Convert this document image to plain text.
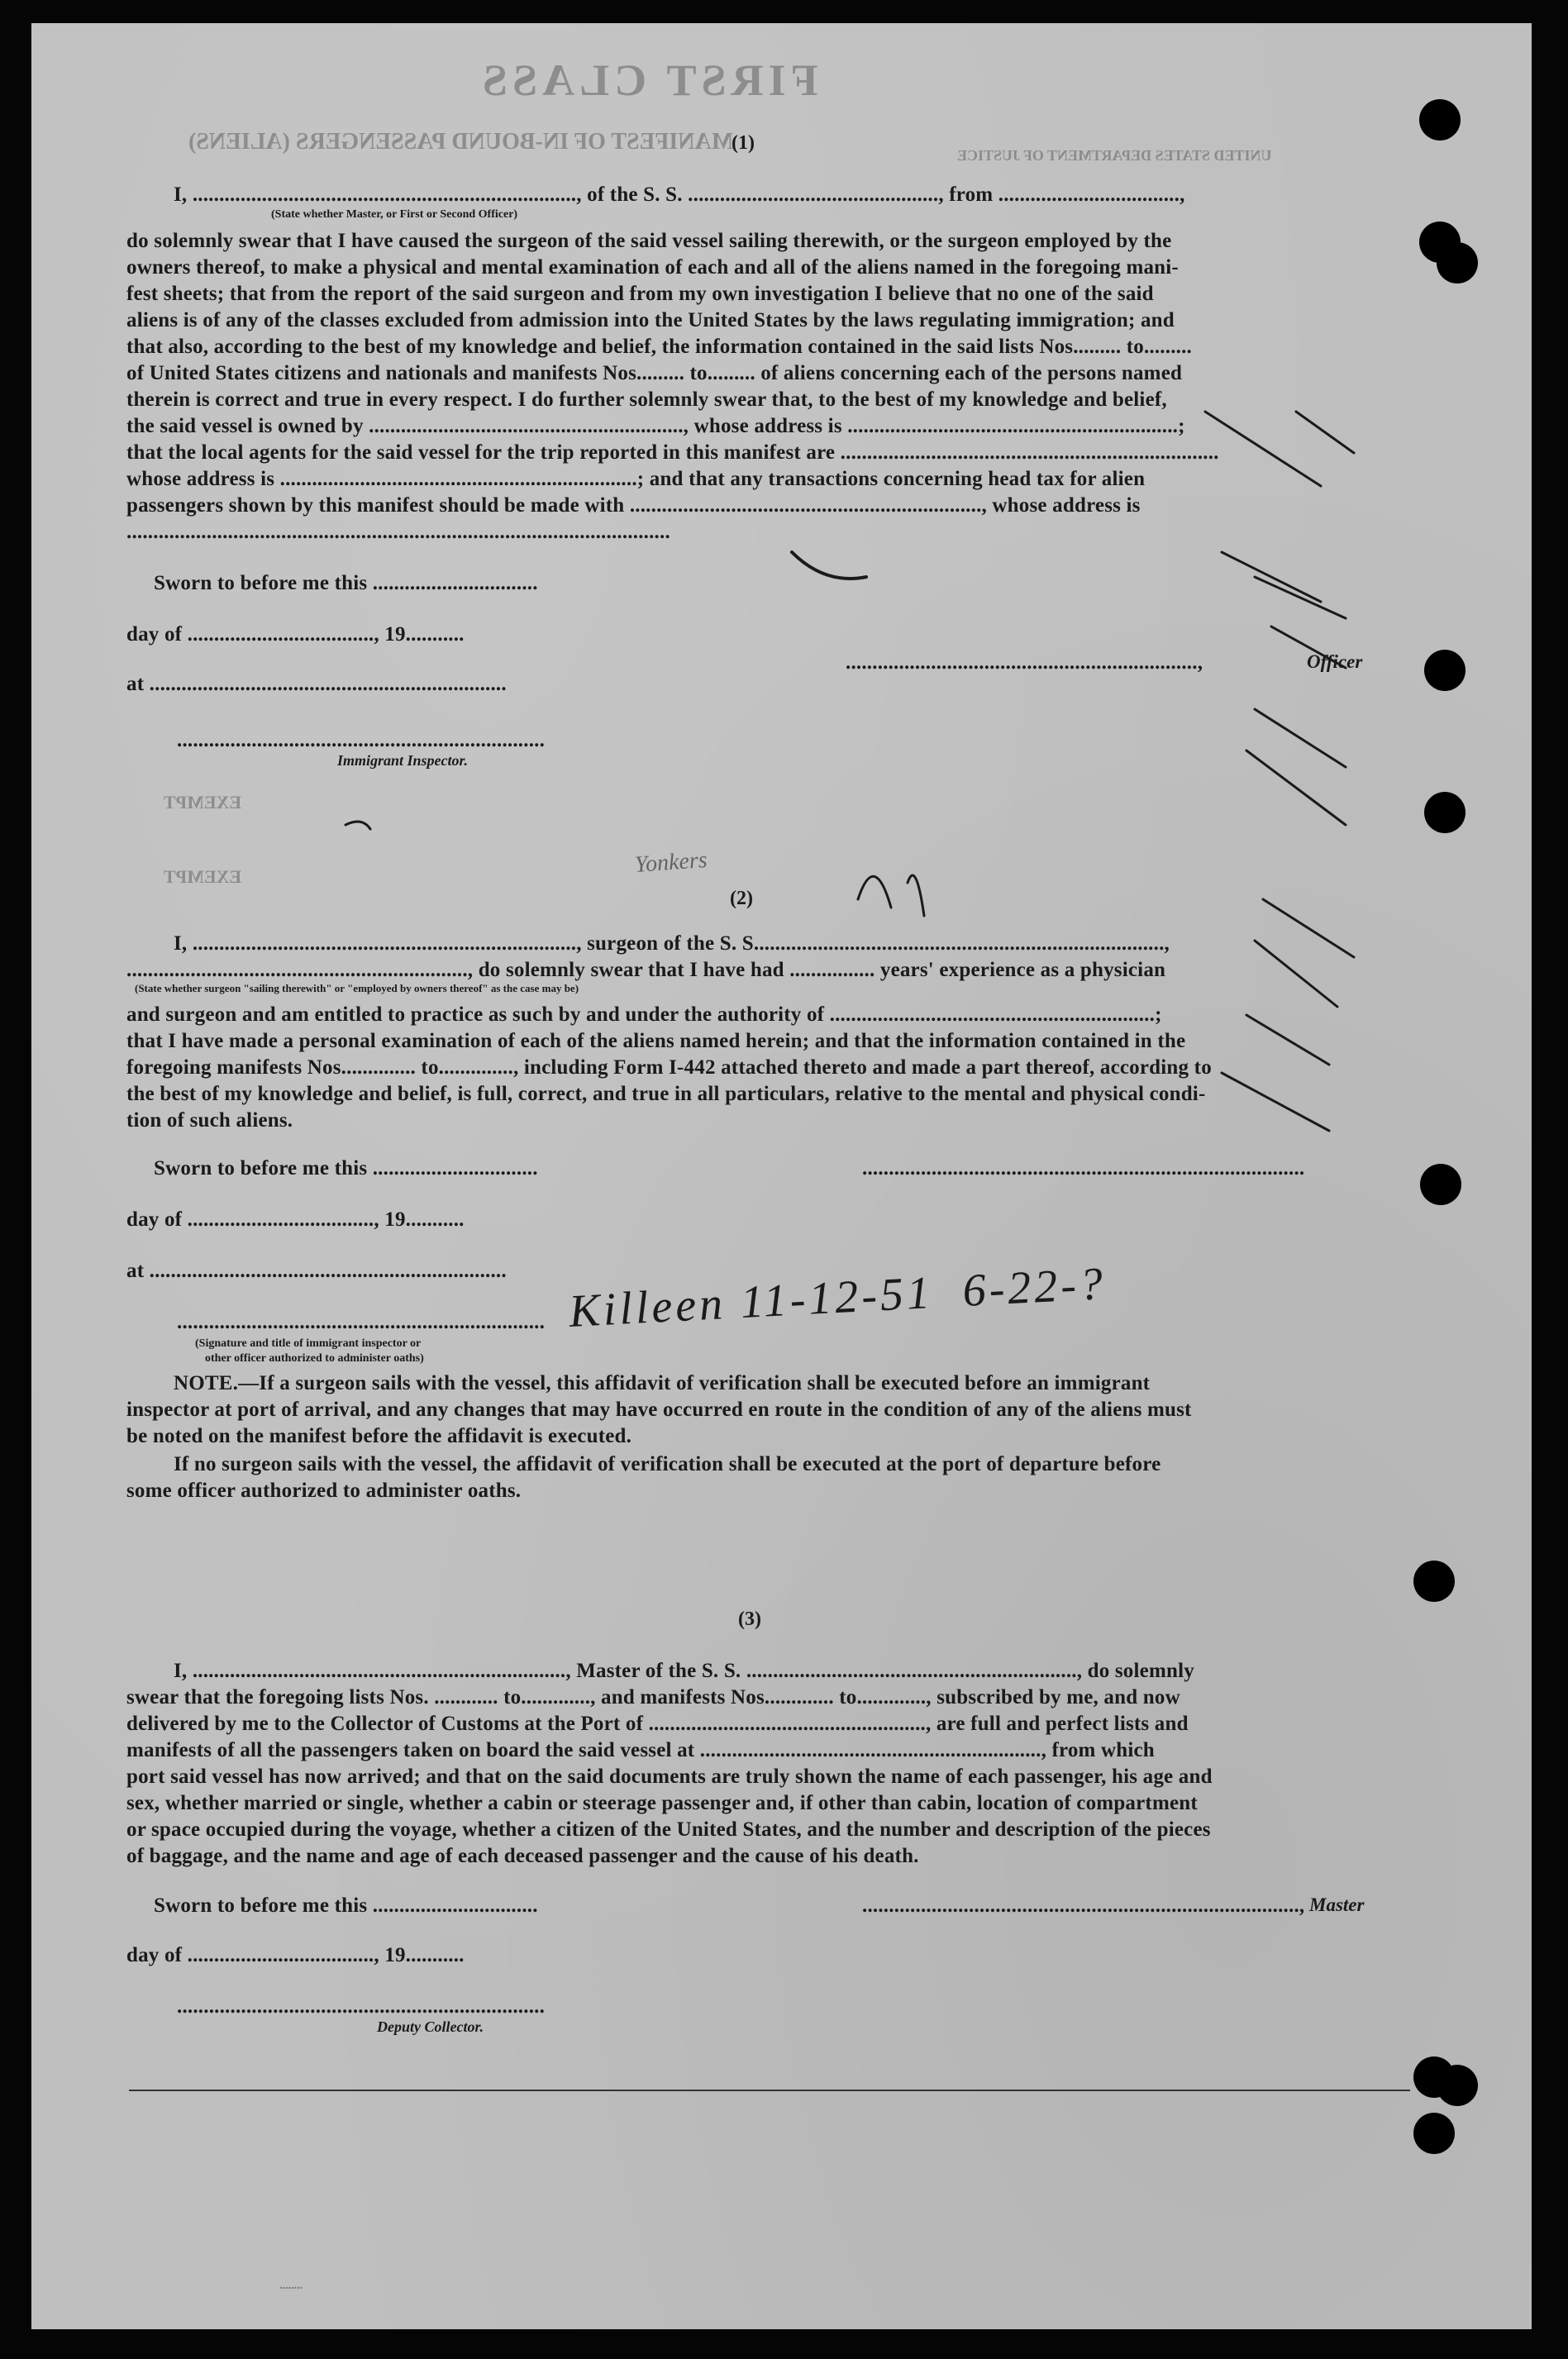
FIRST CLASS
MANIFEST OF IN-BOUND PASSENGERS (ALIENS)
UNITED STATES DEPARTMENT OF JUSTICE
EXEMPT
EXEMPT
(1)
I, ........................................................................, of the S. S. ..............................................., from ..................................,
(State whether Master, or First or Second Officer)
do solemnly swear that I have caused the surgeon of the said vessel sailing therewith, or the surgeon employed by the
owners thereof, to make a physical and mental examination of each and all of the aliens named in the foregoing mani-
fest sheets; that from the report of the said surgeon and from my own investigation I believe that no one of the said
aliens is of any of the classes excluded from admission into the United States by the laws regulating immigration; and
that also, according to the best of my knowledge and belief, the information contained in the said lists Nos......... to.........
of United States citizens and nationals and manifests Nos......... to......... of aliens concerning each of the persons named
therein is correct and true in every respect. I do further solemnly swear that, to the best of my knowledge and belief,
the said vessel is owned by ..........................................................., whose address is ..............................................................;
that the local agents for the said vessel for the trip reported in this manifest are .......................................................................
whose address is ...................................................................; and that any transactions concerning head tax for alien
passengers shown by this manifest should be made with .................................................................., whose address is
......................................................................................................
Sworn to before me this ...............................
day of ..................................., 19...........
at ...................................................................
.....................................................................
Immigrant Inspector.
..................................................................,	Officer
(2)
I, ........................................................................, surgeon of the S. S.............................................................................,
................................................................, do solemnly swear that I have had ................ years' experience as a physician
(State whether surgeon "sailing therewith" or "employed by owners thereof" as the case may be)
and surgeon and am entitled to practice as such by and under the authority of .............................................................;
that I have made a personal examination of each of the aliens named herein; and that the information contained in the
foregoing manifests Nos.............. to.............., including Form I-442 attached thereto and made a part thereof, according to
the best of my knowledge and belief, is full, correct, and true in all particulars, relative to the mental and physical condi-
tion of such aliens.
Sworn to before me this ...............................	...................................................................................
day of ..................................., 19...........
at ...................................................................
.....................................................................
(Signature and title of immigrant inspector or
other officer authorized to administer oaths)
NOTE.—If a surgeon sails with the vessel, this affidavit of verification shall be executed before an immigrant
inspector at port of arrival, and any changes that may have occurred en route in the condition of any of the aliens must
be noted on the manifest before the affidavit is executed.
If no surgeon sails with the vessel, the affidavit of verification shall be executed at the port of departure before
some officer authorized to administer oaths.
(3)
I, ......................................................................, Master of the S. S. .............................................................., do solemnly
swear that the foregoing lists Nos. ............ to............., and manifests Nos............. to............., subscribed by me, and now
delivered by me to the Collector of Customs at the Port of ...................................................., are full and perfect lists and
manifests of all the passengers taken on board the said vessel at ................................................................, from which
port said vessel has now arrived; and that on the said documents are truly shown the name of each passenger, his age and
sex, whether married or single, whether a cabin or steerage passenger and, if other than cabin, location of compartment
or space occupied during the voyage, whether a citizen of the United States, and the number and description of the pieces
of baggage, and the name and age of each deceased passenger and the cause of his death.
Sworn to before me this ...............................	.................................................................................., Master
day of ..................................., 19...........
.....................................................................
Deputy Collector.
Yonkers
Killeen 11-12-51  6-22-?
........
